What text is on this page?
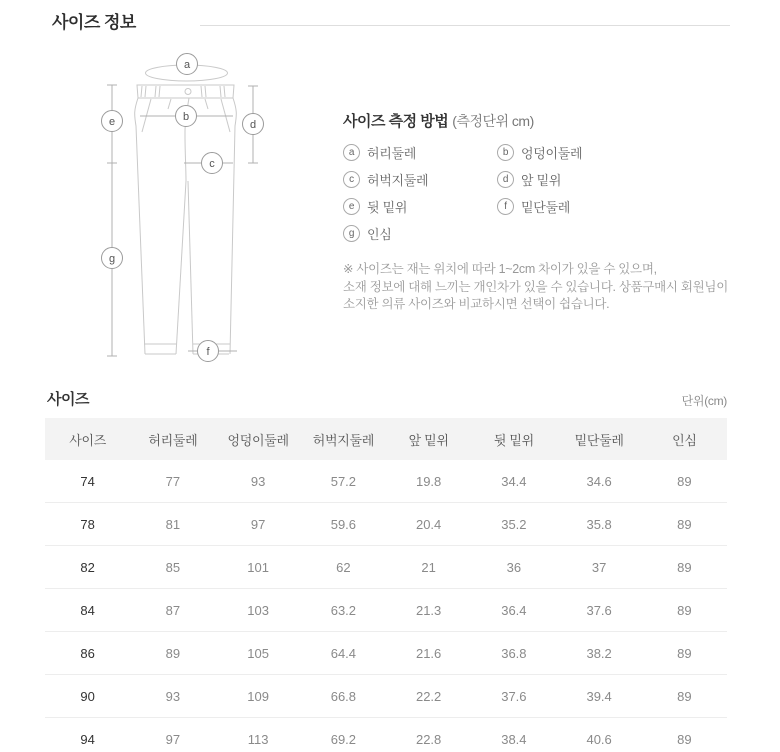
사이즈 정보
a
b
c
d
e
f
g
사이즈 측정 방법 (측정단위 cm)
a 허리둘레	b 엉덩이둘레
c	허벅지둘레	d 앞 밑위
e 뒷 밑위	f	밑단둘레
g 인심
※ 사이즈는 재는 위치에 따라 1~2cm 차이가 있을 수 있으며,
소재 정보에 대해 느끼는 개인차가 있을 수 있습니다. 상품구매시 회원님이
소지한 의류 사이즈와 비교하시면 선택이 쉽습니다.
사이즈	단위(cm)
사이즈	허리둘레	엉덩이둘레	허벅지둘레	앞 밑위	뒷 밑위	밑단둘레	인심
74	77	93	57.2	19.8	34.4	34.6	89
78	81	97	59.6	20.4	35.2	35.8	89
82	85	101	62	21	36	37	89
84	87	103	63.2	21.3	36.4	37.6	89
86	89	105	64.4	21.6	36.8	38.2	89
90	93	109	66.8	22.2	37.6	39.4	89
94	97	113	69.2	22.8	38.4	40.6	89
